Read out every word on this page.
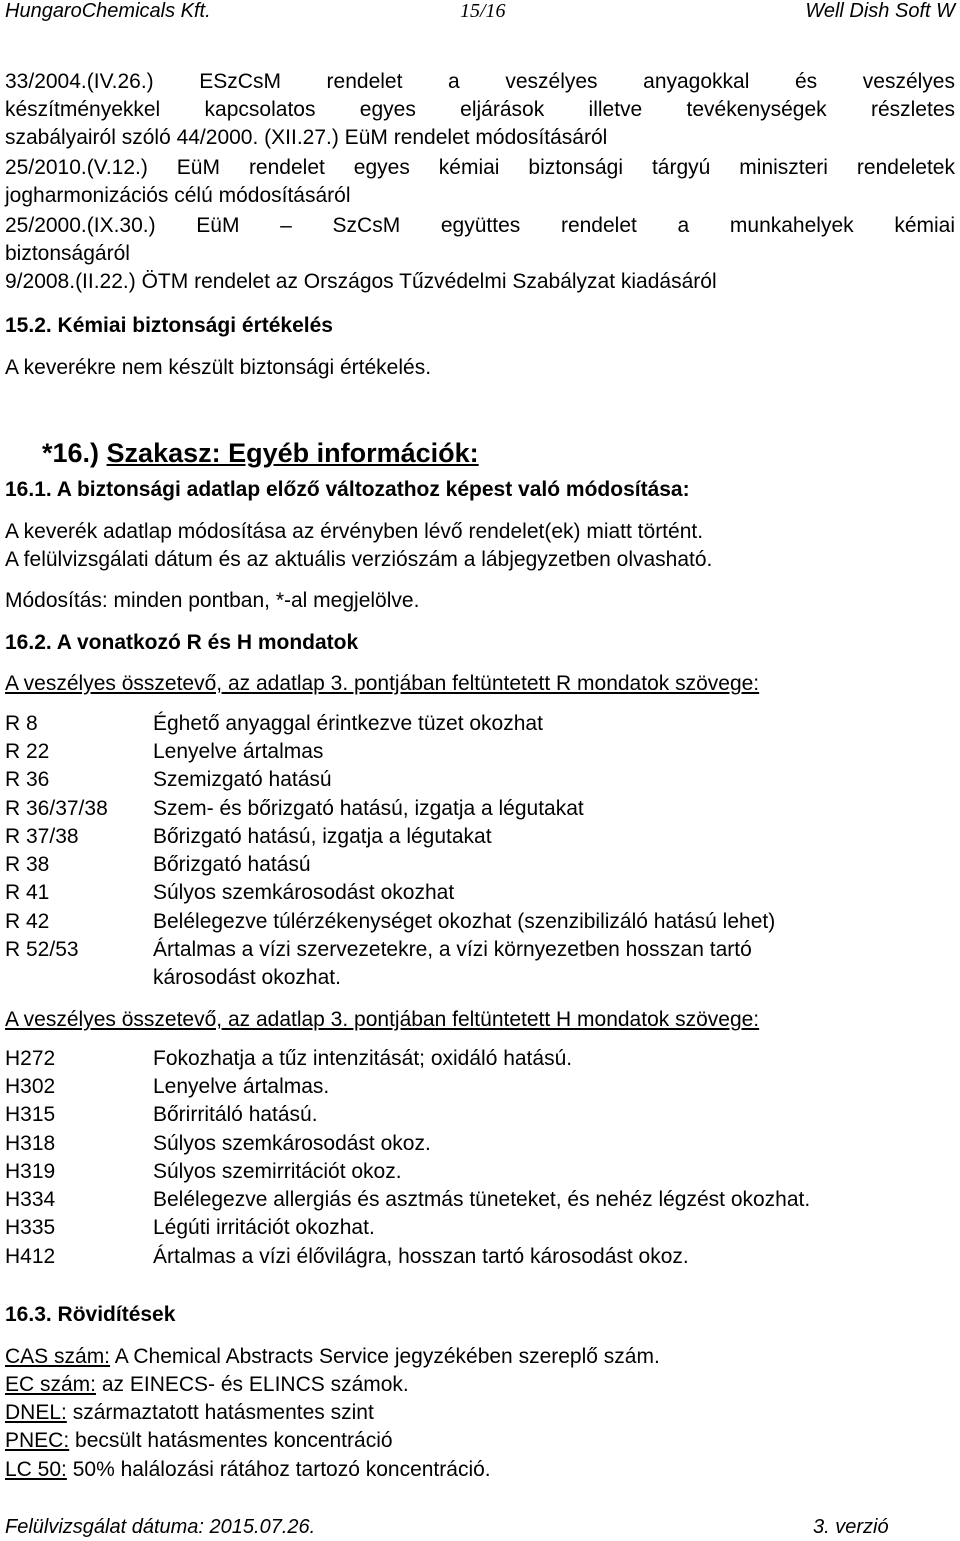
HungaroChemicals Kft.	15/16	Well Dish Soft W
33/2004.(IV.26.) ESzCsM rendelet a veszélyes anyagokkal és veszélyes
készítményekkel kapcsolatos egyes eljárások illetve tevékenységek részletes
szabályairól szóló 44/2000. (XII.27.) EüM rendelet módosításáról
25/2010.(V.12.) EüM rendelet egyes kémiai biztonsági tárgyú miniszteri rendeletek
jogharmonizációs célú módosításáról
25/2000.(IX.30.) EüM – SzCsM együttes rendelet a munkahelyek kémiai
biztonságáról
9/2008.(II.22.) ÖTM rendelet az Országos Tűzvédelmi Szabályzat kiadásáról
15.2. Kémiai biztonsági értékelés
A keverékre nem készült biztonsági értékelés.
*16.) Szakasz: Egyéb információk:
16.1. A biztonsági adatlap előző változathoz képest való módosítása:
A keverék adatlap módosítása az érvényben lévő rendelet(ek) miatt történt.
A felülvizsgálati dátum és az aktuális verziószám a lábjegyzetben olvasható.
Módosítás: minden pontban, *-al megjelölve.
16.2. A vonatkozó R és H mondatok
A veszélyes összetevő, az adatlap 3. pontjában feltüntetett R mondatok szövege:
R 8	Éghető anyaggal érintkezve tüzet okozhat
R 22	Lenyelve ártalmas
R 36	Szemizgató hatású
R 36/37/38 Szem- és bőrizgató hatású, izgatja a légutakat
R 37/38	Bőrizgató hatású, izgatja a légutakat
R 38	Bőrizgató hatású
R 41	Súlyos szemkárosodást okozhat
R 42	Belélegezve túlérzékenységet okozhat (szenzibilizáló hatású lehet)
R 52/53	Ártalmas a vízi szervezetekre, a vízi környezetben hosszan tartó
károsodást okozhat.
A veszélyes összetevő, az adatlap 3. pontjában feltüntetett H mondatok szövege:
H272	Fokozhatja a tűz intenzitását; oxidáló hatású.
H302	Lenyelve ártalmas.
H315	Bőrirritáló hatású.
H318	Súlyos szemkárosodást okoz.
H319	Súlyos szemirritációt okoz.
H334	Belélegezve allergiás és asztmás tüneteket, és nehéz légzést okozhat.
H335	Légúti irritációt okozhat.
H412	Ártalmas a vízi élővilágra, hosszan tartó károsodást okoz.
16.3. Rövidítések
CAS szám: A Chemical Abstracts Service jegyzékében szereplő szám.
EC szám: az EINECS- és ELINCS számok.
DNEL: származtatott hatásmentes szint
PNEC: becsült hatásmentes koncentráció
LC 50: 50% halálozási rátához tartozó koncentráció.
Felülvizsgálat dátuma: 2015.07.26.	3. verzió
